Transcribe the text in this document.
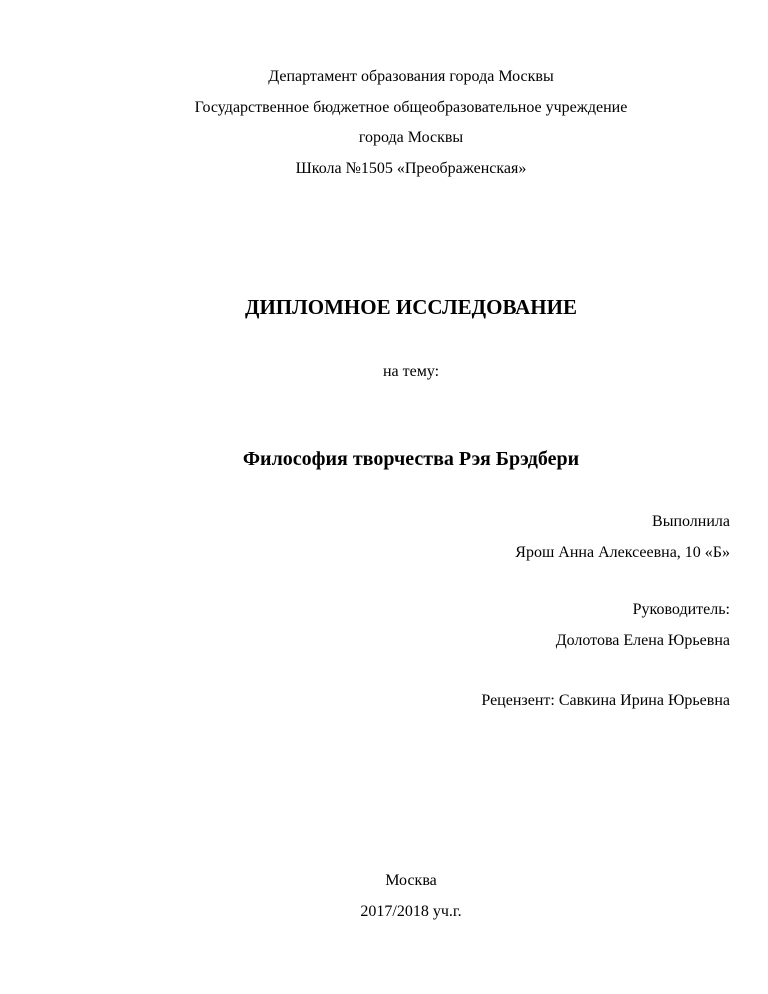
Департамент образования города Москвы
Государственное бюджетное общеобразовательное учреждение
города Москвы
Школа №1505 «Преображенская»
ДИПЛОМНОЕ ИССЛЕДОВАНИЕ
на тему:
Философия творчества Рэя Брэдбери
Выполнила
Ярош Анна Алексеевна, 10 «Б»
Руководитель:
Долотова Елена Юрьевна
Рецензент: Савкина Ирина Юрьевна
Москва
2017/2018 уч.г.
